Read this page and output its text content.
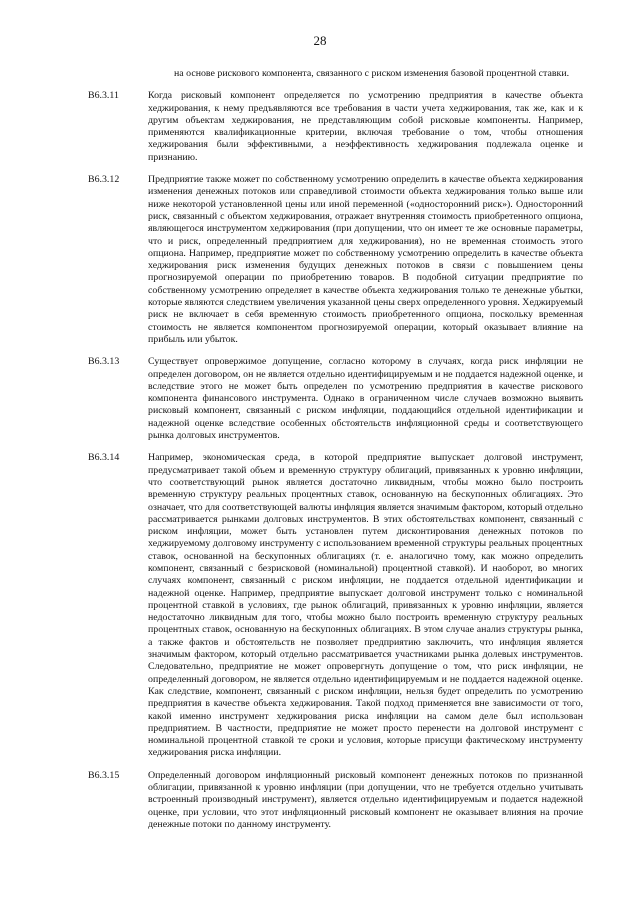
28

на основе рискового компонента, связанного с риском изменения базовой процентной ставки.

В6.3.11	Когда рисковый компонент определяется по усмотрению предприятия в качестве объекта хеджирования, к нему предъявляются все требования в части учета хеджирования, так же, как и к другим объектам хеджирования, не представляющим собой рисковые компоненты. Например, применяются квалификационные критерии, включая требование о том, чтобы отношения хеджирования были эффективными, а неэффективность хеджирования подлежала оценке и признанию.

В6.3.12	Предприятие также может по собственному усмотрению определить в качестве объекта хеджирования изменения денежных потоков или справедливой стоимости объекта хеджирования только выше или ниже некоторой установленной цены или иной переменной («односторонний риск»). Односторонний риск, связанный с объектом хеджирования, отражает внутренняя стоимость приобретенного опциона, являющегося инструментом хеджирования (при допущении, что он имеет те же основные параметры, что и риск, определенный предприятием для хеджирования), но не временная стоимость этого опциона. Например, предприятие может по собственному усмотрению определить в качестве объекта хеджирования риск изменения будущих денежных потоков в связи с повышением цены прогнозируемой операции по приобретению товаров. В подобной ситуации предприятие по собственному усмотрению определяет в качестве объекта хеджирования только те денежные убытки, которые являются следствием увеличения указанной цены сверх определенного уровня. Хеджируемый риск не включает в себя временную стоимость приобретенного опциона, поскольку временная стоимость не является компонентом прогнозируемой операции, который оказывает влияние на прибыль или убыток.

В6.3.13	Существует опровержимое допущение, согласно которому в случаях, когда риск инфляции не определен договором, он не является отдельно идентифицируемым и не поддается надежной оценке, и вследствие этого не может быть определен по усмотрению предприятия в качестве рискового компонента финансового инструмента. Однако в ограниченном числе случаев возможно выявить рисковый компонент, связанный с риском инфляции, поддающийся отдельной идентификации и надежной оценке вследствие особенных обстоятельств инфляционной среды и соответствующего рынка долговых инструментов.

В6.3.14	Например, экономическая среда, в которой предприятие выпускает долговой инструмент, предусматривает такой объем и временную структуру облигаций, привязанных к уровню инфляции, что соответствующий рынок является достаточно ликвидным, чтобы можно было построить временную структуру реальных процентных ставок, основанную на бескупонных облигациях. Это означает, что для соответствующей валюты инфляция является значимым фактором, который отдельно рассматривается рынками долговых инструментов. В этих обстоятельствах компонент, связанный с риском инфляции, может быть установлен путем дисконтирования денежных потоков по хеджируемому долговому инструменту с использованием временной структуры реальных процентных ставок, основанной на бескупонных облигациях (т. е. аналогично тому, как можно определить компонент, связанный с безрисковой (номинальной) процентной ставкой). И наоборот, во многих случаях компонент, связанный с риском инфляции, не поддается отдельной идентификации и надежной оценке. Например, предприятие выпускает долговой инструмент только с номинальной процентной ставкой в условиях, где рынок облигаций, привязанных к уровню инфляции, является недостаточно ликвидным для того, чтобы можно было построить временную структуру реальных процентных ставок, основанную на бескупонных облигациях. В этом случае анализ структуры рынка, а также фактов и обстоятельств не позволяет предприятию заключить, что инфляция является значимым фактором, который отдельно рассматривается участниками рынка долевых инструментов. Следовательно, предприятие не может опровергнуть допущение о том, что риск инфляции, не определенный договором, не является отдельно идентифицируемым и не поддается надежной оценке. Как следствие, компонент, связанный с риском инфляции, нельзя будет определить по усмотрению предприятия в качестве объекта хеджирования. Такой подход применяется вне зависимости от того, какой именно инструмент хеджирования риска инфляции на самом деле был использован предприятием. В частности, предприятие не может просто перенести на долговой инструмент с номинальной процентной ставкой те сроки и условия, которые присущи фактическому инструменту хеджирования риска инфляции.

В6.3.15	Определенный договором инфляционный рисковый компонент денежных потоков по признанной облигации, привязанной к уровню инфляции (при допущении, что не требуется отдельно учитывать встроенный производный инструмент), является отдельно идентифицируемым и подается надежной оценке, при условии, что этот инфляционный рисковый компонент не оказывает влияния на прочие денежные потоки по данному инструменту.
